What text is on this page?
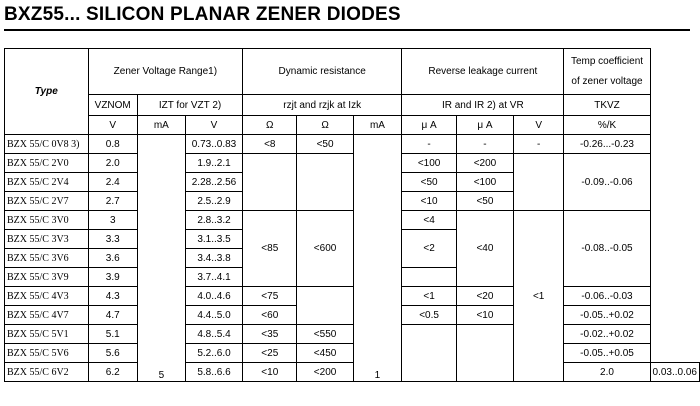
BXZ55... SILICON PLANAR ZENER DIODES
Type	Zener Voltage Range1)			Dynamic resistance			Reverse leakage current			Temp coefficient of zener voltage	
	VZNOM	IZT for VZT 2)		rzjt and rzjk at Izk			IR and IR 2) at VR			TKVZ	
	V	mA	V	Ω	Ω	mA	μ A	μ A	V	%/K	
BZX 55/C 0V8 3)	0.8	5	0.73..0.83	<8	<50	1	-	-	-	-0.26...-0.23	
BZX 55/C 2V0	2.0		1.9..2.1				<100	<200		-0.09..-0.06	
BZX 55/C 2V4	2.4		2.28..2.56				<50	<100			
BZX 55/C 2V7	2.7		2.5..2.9				<10	<50			
BZX 55/C 3V0	3		2.8..3.2	<85	<600		<4	<40	<1	-0.08..-0.05	
BZX 55/C 3V3	3.3		3.1..3.5				<2				
BZX 55/C 3V6	3.6		3.4..3.8								
BZX 55/C 3V9	3.9		3.7..4.1								
BZX 55/C 4V3	4.3		4.0..4.6	<75			<1	<20		-0.06..-0.03	
BZX 55/C 4V7	4.7		4.4..5.0	<60			<0.5	<10		-0.05..+0.02	
BZX 55/C 5V1	5.1		4.8..5.4	<35	<550					-0.02..+0.02	
BZX 55/C 5V6	5.6		5.2..6.0	<25	<450					-0.05..+0.05	
BZX 55/C 6V2	6.2		5.8..6.6	<10	<200					2.0	0.03..0.06
